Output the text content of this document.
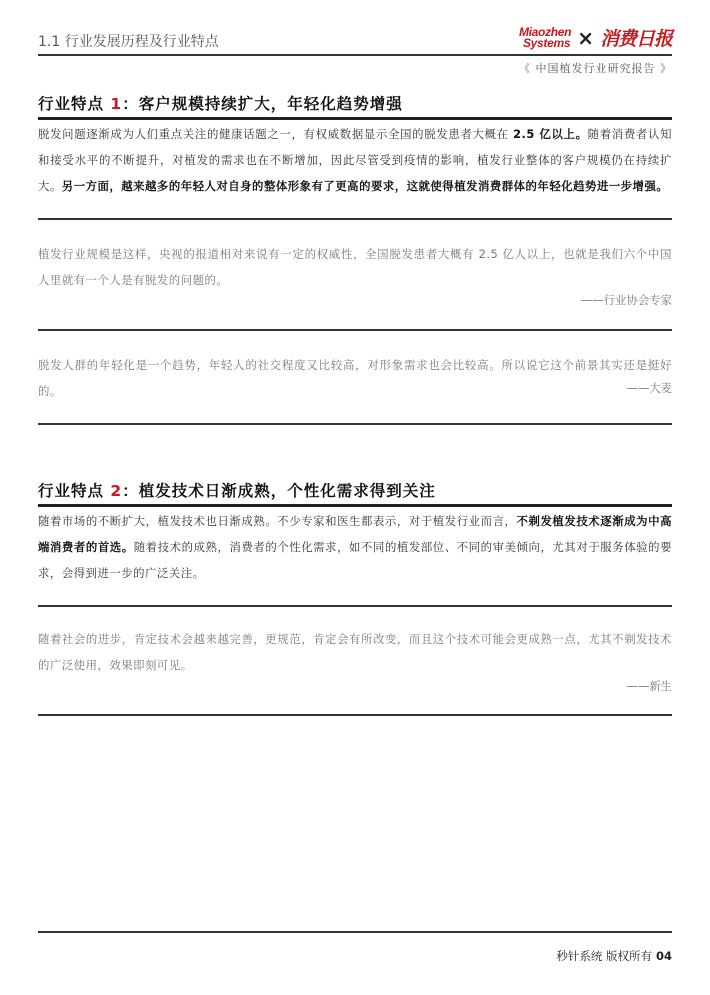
1.1 行业发展历程及行业特点
Miaozhen
Systems × 消费日报
《 中国植发行业研究报告 》
行业特点 1：客户规模持续扩大，年轻化趋势增强
脱发问题逐渐成为人们重点关注的健康话题之一，有权威数据显示全国的脱发患者大概在 2.5 亿以上。随着消费者认知和接受水平的不断提升，对植发的需求也在不断增加，因此尽管受到疫情的影响，植发行业整体的客户规模仍在持续扩大。另一方面，越来越多的年轻人对自身的整体形象有了更高的要求，这就使得植发消费群体的年轻化趋势进一步增强。
植发行业规模是这样，央视的报道相对来说有一定的权威性，全国脱发患者大概有 2.5 亿人以上，也就是我们六个中国人里就有一个人是有脱发的问题的。
——行业协会专家
脱发人群的年轻化是一个趋势，年轻人的社交程度又比较高，对形象需求也会比较高。所以说它这个前景其实还是挺好的。	——大麦
行业特点 2：植发技术日渐成熟，个性化需求得到关注
随着市场的不断扩大，植发技术也日渐成熟。不少专家和医生都表示，对于植发行业而言，不剃发植发技术逐渐成为中高端消费者的首选。随着技术的成熟，消费者的个性化需求，如不同的植发部位、不同的审美倾向，尤其对于服务体验的要求，会得到进一步的广泛关注。
随着社会的进步，肯定技术会越来越完善，更规范，肯定会有所改变，而且这个技术可能会更成熟一点，尤其不剃发技术的广泛使用，效果即刻可见。
——新生
秒针系统 版权所有 04
